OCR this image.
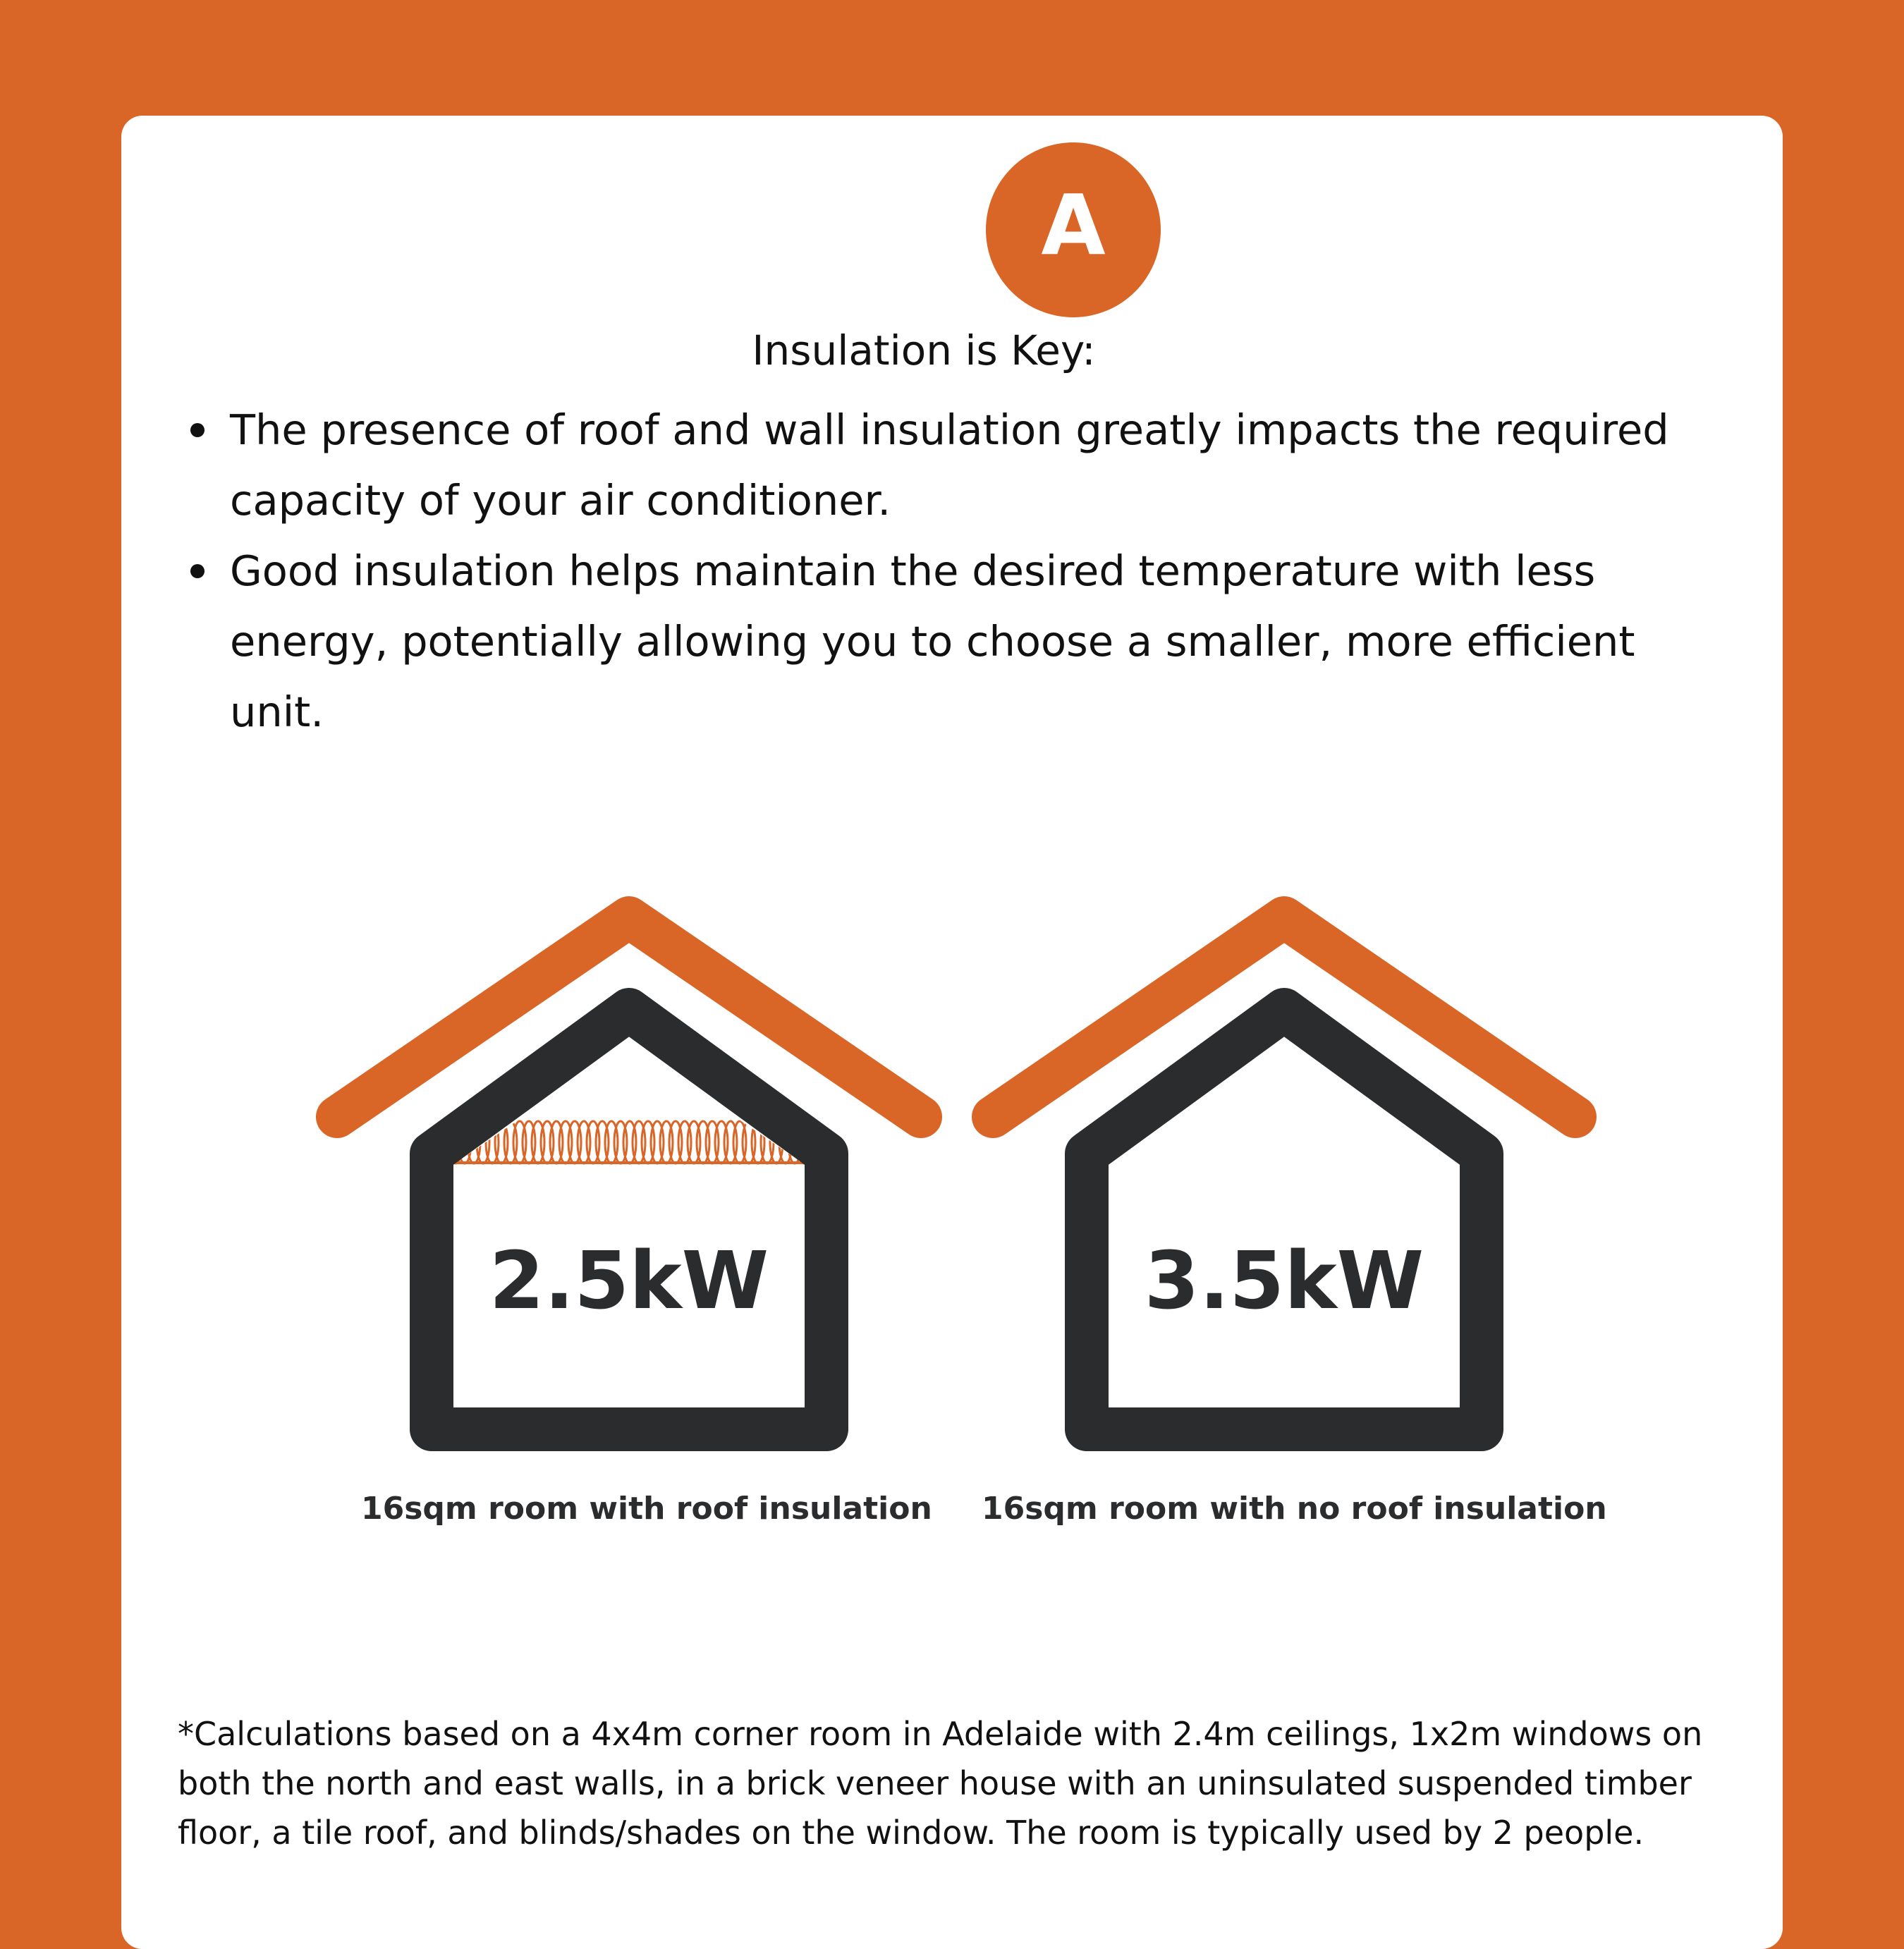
A
Insulation is Key:
The presence of roof and wall insulation greatly impacts the required capacity of your air conditioner.
Good insulation helps maintain the desired temperature with less energy, potentially allowing you to choose a smaller, more efficient unit.
2.5kW	3.5kW
16sqm room with roof insulation 16sqm room with no roof insulation
*Calculations based on a 4x4m corner room in Adelaide with 2.4m ceilings, 1x2m windows on both the north and east walls, in a brick veneer house with an uninsulated suspended timber floor, a tile roof, and blinds/shades on the window. The room is typically used by 2 people.
